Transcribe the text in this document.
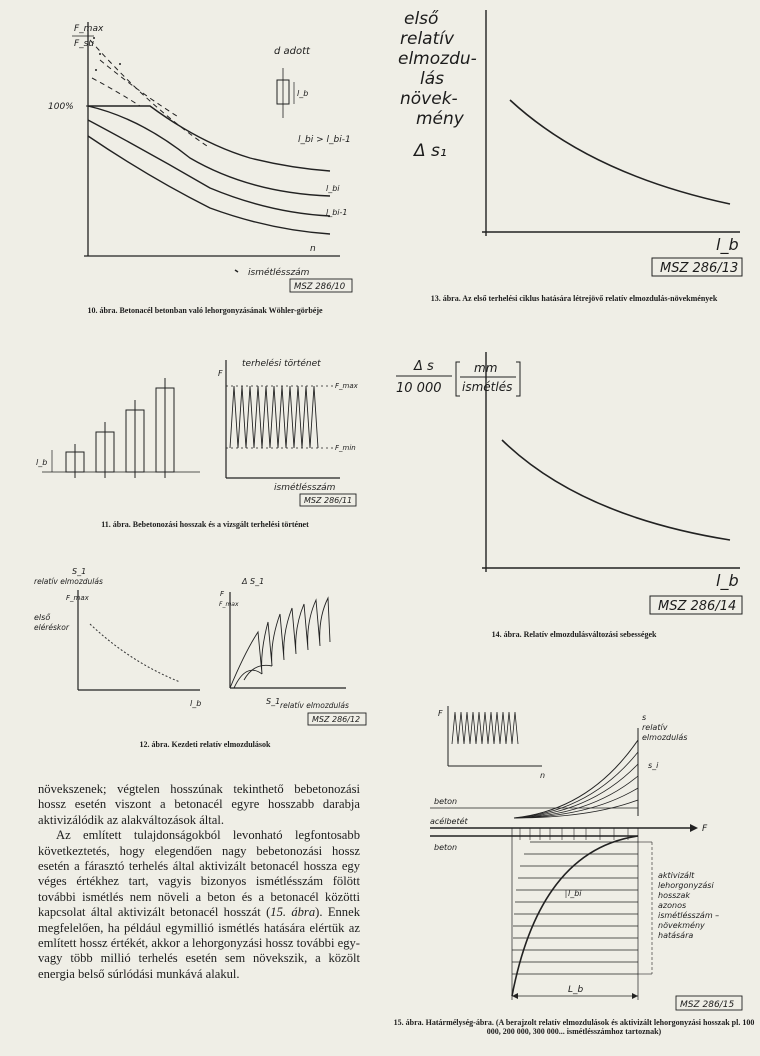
F_max
F_su
100%
d adott
l_b
l_bi > l_bi-1
l_bi
l_bi-1
n
ismétlésszám
MSZ 286/10
10. ábra. Betonacél betonban való lehorgonyzásának Wöhler-görbéje
l_b
F
terhelési történet
F_max
F_min
ismétlésszám
MSZ 286/11
11. ábra. Bebetonozási hosszak és a vizsgált terhelési történet
S_1
relatív elmozdulás
F_max
első
eléréskor
l_b
Δ S_1
F
F_max
S_1 relatív elmozdulás
MSZ 286/12
12. ábra. Kezdeti relatív elmozdulások

növekszenek; végtelen hosszúnak tekinthető bebetonozási hossz esetén viszont a betonacél egyre hosszabb darabja aktivizálódik az alakváltozások által.

Az említett tulajdonságokból levonható legfontosabb következtetés, hogy elegendően nagy bebetonozási hossz esetén a fárasztó terhelés által aktivizált betonacél hossza egy véges értékhez tart, vagyis bizonyos ismétlésszám fölött további ismétlés nem növeli a beton és a betonacél közötti kapcsolat által aktivizált betonacél hosszát (15. ábra). Ennek megfelelően, ha például egymillió ismétlés hatására elértük az említett hossz értékét, akkor a lehorgonyzási hossz további egy- vagy több millió terhelés esetén sem növekszik, a közölt energia belső súrlódási munkává alakul.

első
relatív
elmozdu-
lás
növek-
mény
Δ s₁
l_b
MSZ 286/13
13. ábra. Az első terhelési ciklus hatására létrejövő relatív elmozdulás-növekmények
Δ s
10 000
mm
ismétlés
l_b
MSZ 286/14
14. ábra. Relatív elmozdulásváltozási sebességek
F
n
s
relatív
elmozdulás
s_i
beton
acélbetét
F
beton
l_bi
aktivizált
lehorgonyzási
hosszak
azonos
ismétlésszám –
növekmény
hatására
L_b
MSZ 286/15
15. ábra. Határmélység-ábra. (A berajzolt relatív elmozdulások és aktivizált lehorgonyzási hosszak pl. 100 000, 200 000, 300 000... ismétlésszámhoz tartoznak)
